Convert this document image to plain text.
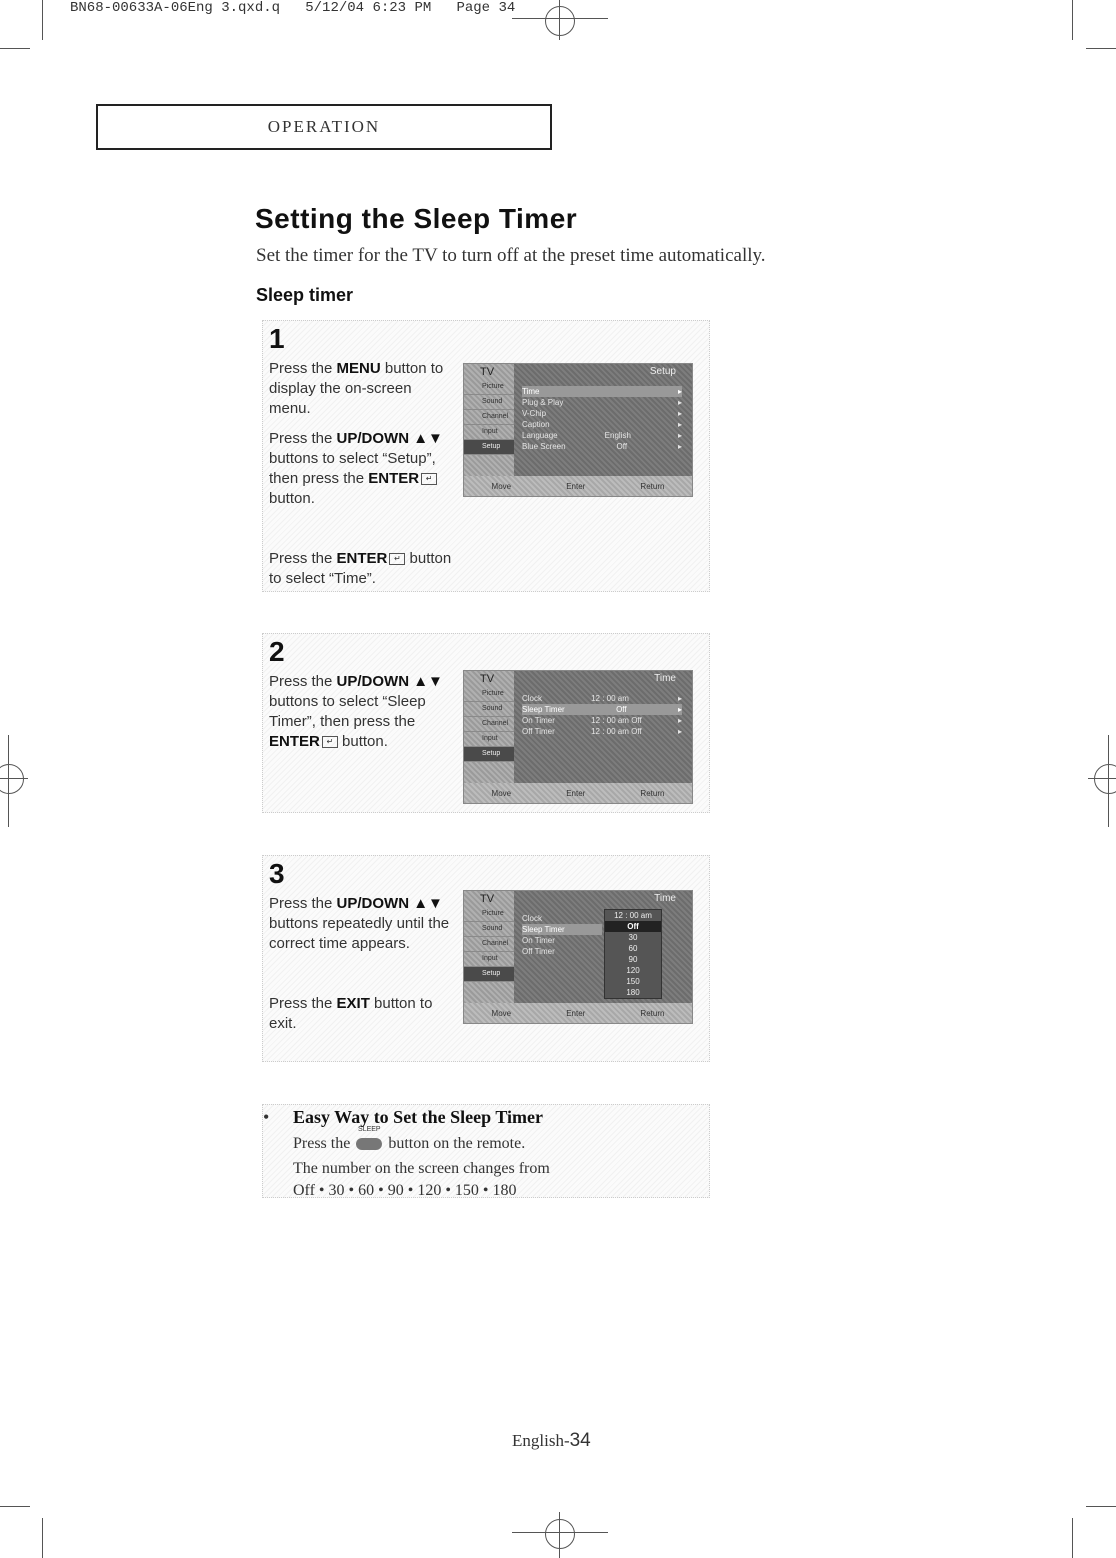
BN68-00633A-06Eng 3.qxd.q   5/12/04 6:23 PM   Page 34
OPERATION
Setting the Sleep Timer
Set the timer for the TV to turn off at the preset time automatically.
Sleep timer
1
Press the MENU button to display the on-screen menu.
Press the UP/DOWN ▲▼ buttons to select “Setup”, then press the ENTER ↵ button.
Press the ENTER ↵ button to select “Time”.
Picture
Sound
Channel
Input
Setup
TV	Setup
Time	▸
Plug & Play	▸
V-Chip	▸
Caption	▸
Language	English	▸
Blue Screen	Off	▸
Move	Enter	Return
2
Press the UP/DOWN ▲▼ buttons to select “Sleep Timer”, then press the ENTER ↵ button.
Picture
Sound
Channel
Input
Setup
TV	Time
Clock	12 : 00 am	▸
Sleep Timer	Off	▸
On Timer	12 : 00 am Off	▸
Off Timer	12 : 00 am Off	▸
Move	Enter	Return
3
Press the UP/DOWN ▲▼ buttons repeatedly until the correct time appears.
Press the EXIT button to exit.
Picture
Sound
Channel
Input
Setup
TV	Time
Clock
Sleep Timer
On Timer
Off Timer
12 : 00 am
Off
30
60
90
120
150
180
Move	Enter	Return
• Easy Way to Set the Sleep Timer
Press the
SLEEP
button on the remote.
The number on the screen changes from
Off • 30 • 60 • 90 • 120 • 150 • 180
English-34
